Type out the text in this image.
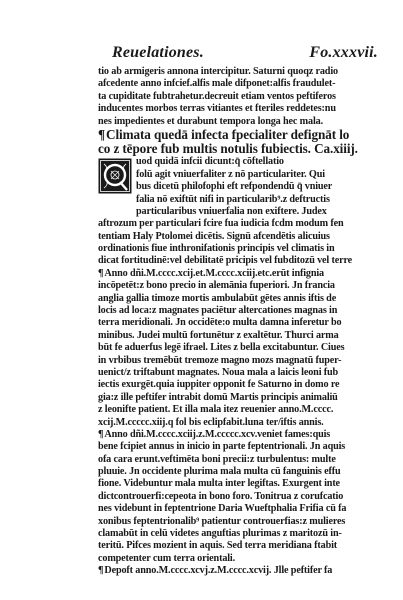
Reuelationes.	Fo.xxxvii.
tio ab armigeris annona intercipitur. Saturni quoqz radio
afcedente anno infcief.alfis male difponet:alfis fraudulet-
ta cupiditate fubtrahetur.decreuit etiam ventos peftiferos
inducentes morbos terras vitiantes et fteriles reddetes:nu
nes impedientes et durabunt tempora longa hec mala.
¶Climata quedā infecta fpecialiter defignāt lo
co z tēpore fub multis notulis fubiectis. Ca.xiiij.
uod quidā infcii dicunt:q̄ cōftellatio
folū agit vniuerfaliter z nō particulariter. Qui
bus dicetū philofophi eft refpondendū q̄ vniuer
falia nō exiftūt nifi in particularib⁹.z deftructis
particularibus vniuerfalia non exiftere. Judex
aftrozum per particulari fcire fua iudicia fcdm modum fen
tentiam Haly Ptolomei dicētis. Signū afcendētis alicuius
ordinationis fiue inthronifationis principis vel climatis in
dicat fortitudinē:vel debilitatē pricipis vel fubditozū vel terre
¶Anno dñi.M.cccc.xcij.et.M.cccc.xciij.etc.erūt infignia
incōpetēt:z bono precio in alemānia fuperiori. Jn francia
anglia gallia timoze mortis ambulabūt gētes annis iftis de
locis ad loca:z magnates paciētur altercationes magnas in
terra meridionali. Jn occidēte:o multa damna inferetur bo
minibus. Judei multū fortunētur z exaltētur. Thurci arma
būt fe aduerfus legē ifrael. Lites z bella excitabuntur. Ciues
in vrbibus tremēbūt tremoze magno mozs magnatū fuper-
uenict/z triftabunt magnates. Noua mala a laicis leoni fub
iectis exurgēt.quia iuppiter opponit fe Saturno in domo re
gia:z ille peftifer intrabit domū Martis principis animaliū
z leonifte patient. Et illa mala itez reuenier anno.M.cccc.
xcij.M.ccccc.xiij.q fol bis eclipfabit.luna ter/iftis annis.
¶Anno dñi.M.cccc.xciij.z.M.ccccc.xcv.veniet fames:quis
bene fcipiet annus in inicio in parte feptentrionali. Jn aquis
ofa cara erunt.veftimēta boni precii:z turbulentus: multe
pluuie. Jn occidente plurima mala multa cū fanguinis effu
fione. Videbuntur mala multa inter legiftas. Exurgent inte
dictcontrouerfi:cepeota in bono foro. Tonitrua z corufcatio
nes videbunt in feptentrione Daria Wueftphalia Frifia cū fa
xonibus feptentrionalib⁹ patientur controuerfias:z mulieres
clamabūt in celū videtes anguftias plurimas z maritozū in-
teritū. Pifces mozient in aquis. Sed terra meridiana ftabit
competenter cum terra orientali.
¶Depoft anno.M.cccc.xcvj.z.M.cccc.xcvij. Jlle peftifer fa
